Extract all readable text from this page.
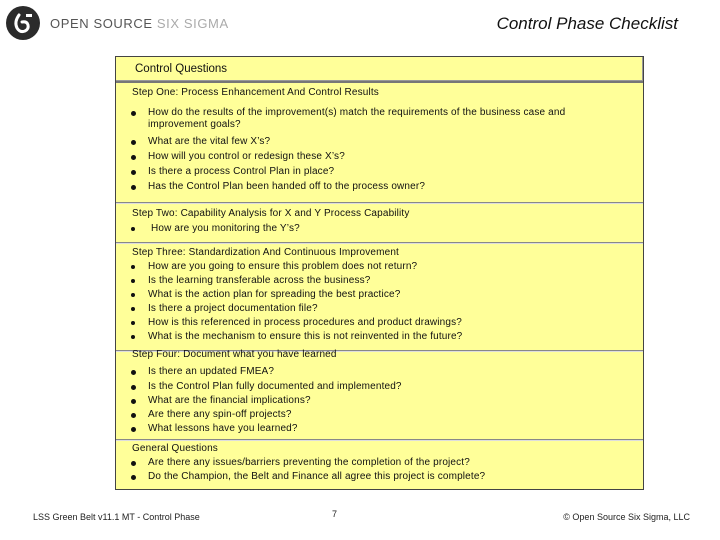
OPEN SOURCE SIX SIGMA	Control Phase Checklist
Control Questions
Step One: Process Enhancement And Control Results
How do the results of the improvement(s) match the requirements of the business case and improvement goals?
What are the vital few X’s?
How will you control or redesign these X’s?
Is there a process Control Plan in place?
Has the Control Plan been handed off to the process owner?
Step Two: Capability Analysis for X and Y Process Capability
How are you monitoring the Y’s?
Step Three: Standardization And Continuous Improvement
How are you going to ensure this problem does not return?
Is the learning transferable across the business?
What is the action plan for spreading the best practice?
Is there a project documentation file?
How is this referenced in process procedures and product drawings?
What is the mechanism to ensure this is not reinvented in the future?
Step Four: Document what you have learned
Is there an updated FMEA?
Is the Control Plan fully documented and implemented?
What are the financial implications?
Are there any spin-off projects?
What lessons have you learned?
General Questions
Are there any issues/barriers preventing the completion of the project?
Do the Champion, the Belt and Finance all agree this project is complete?
LSS Green Belt v11.1 MT - Control Phase	7	© Open Source Six Sigma, LLC
